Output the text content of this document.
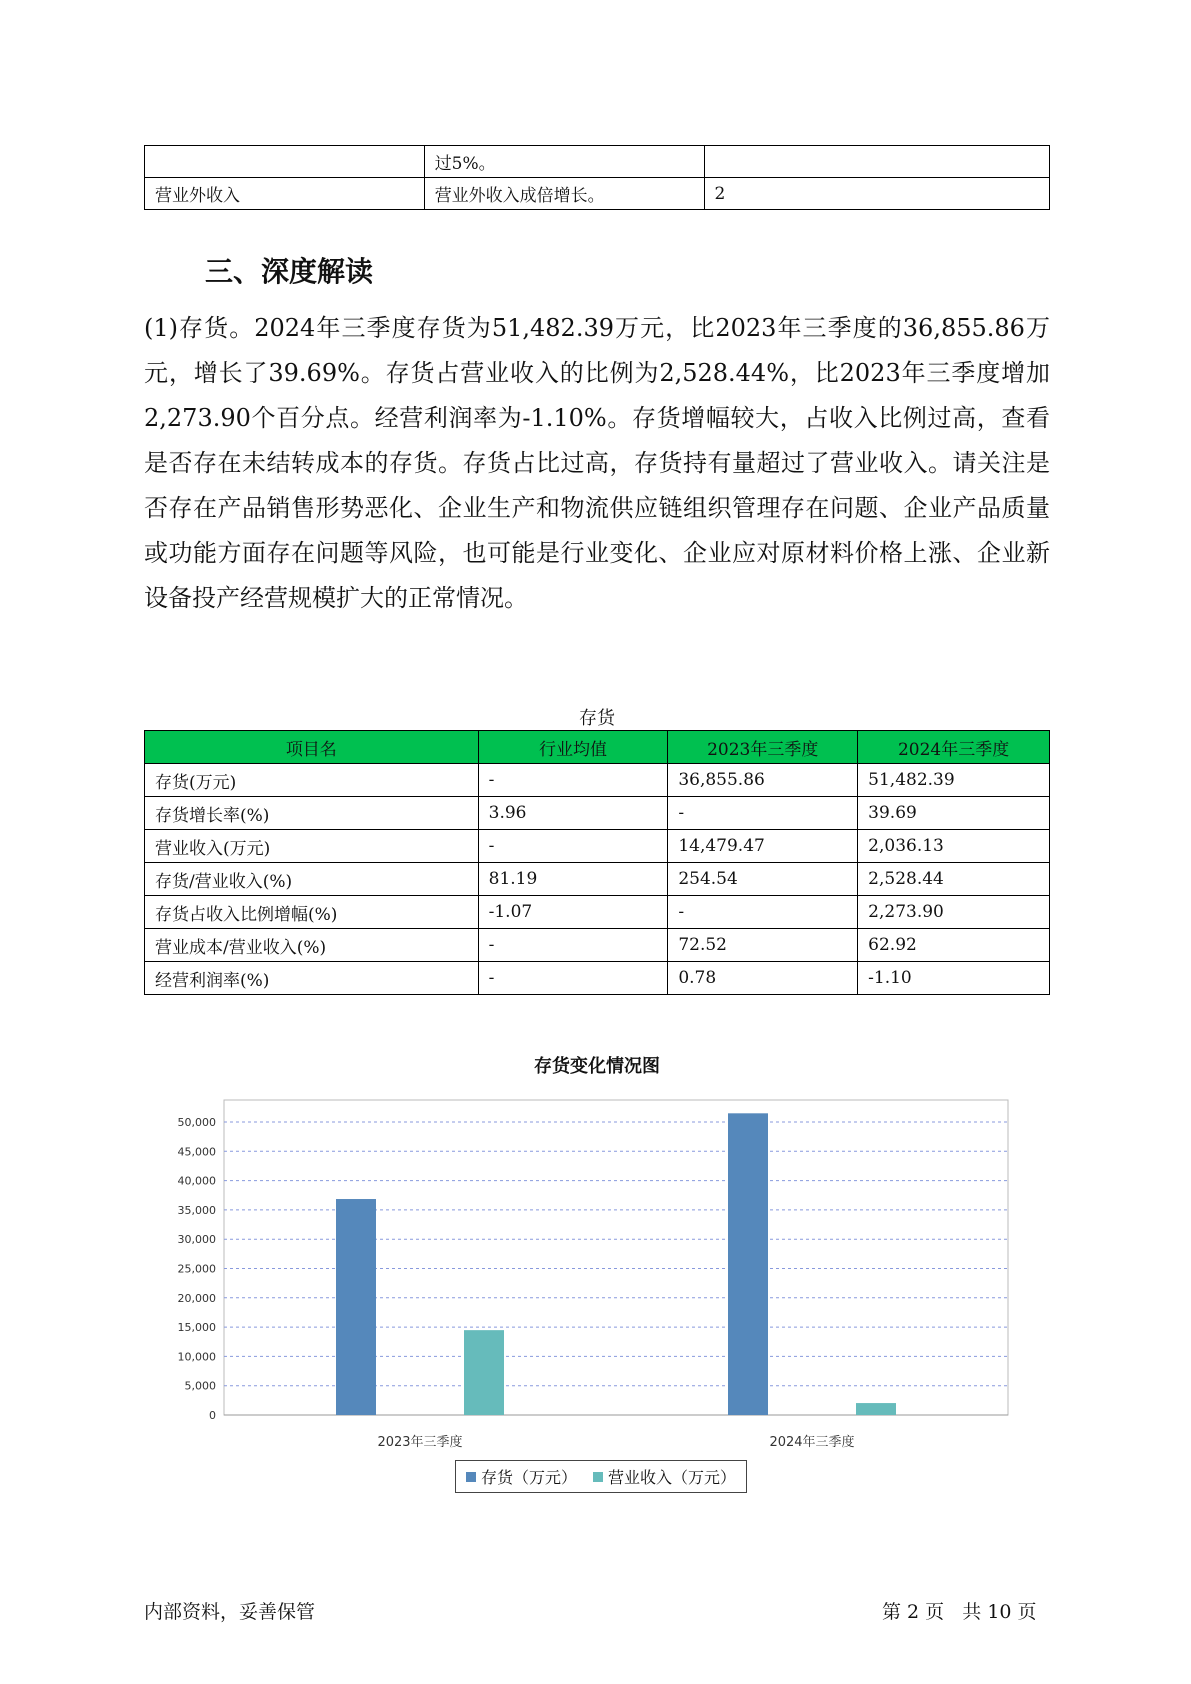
	过5%。	
营业外收入	营业外收入成倍增长。	2
三、深度解读
(1)存货。2024年三季度存货为51,482.39万元，比2023年三季度的36,855.86万元，增长了39.69%。存货占营业收入的比例为2,528.44%，比2023年三季度增加2,273.90个百分点。经营利润率为-1.10%。存货增幅较大，占收入比例过高，查看是否存在未结转成本的存货。存货占比过高，存货持有量超过了营业收入。请关注是否存在产品销售形势恶化、企业生产和物流供应链组织管理存在问题、企业产品质量或功能方面存在问题等风险，也可能是行业变化、企业应对原材料价格上涨、企业新设备投产经营规模扩大的正常情况。
存货
项目名	行业均值	2023年三季度	2024年三季度
存货(万元)	-	36,855.86	51,482.39
存货增长率(%)	3.96	-	39.69
营业收入(万元)	-	14,479.47	2,036.13
存货/营业收入(%)	81.19	254.54	2,528.44
存货占收入比例增幅(%)	-1.07	-	2,273.90
营业成本/营业收入(%)	-	72.52	62.92
经营利润率(%)	-	0.78	-1.10
存货变化情况图
0
5,000
10,000
15,000
20,000
25,000
30,000
35,000
40,000
45,000
50,000
2023年三季度	2024年三季度
存货（万元） 营业收入（万元）
内部资料，妥善保管	第 2 页   共 10 页
